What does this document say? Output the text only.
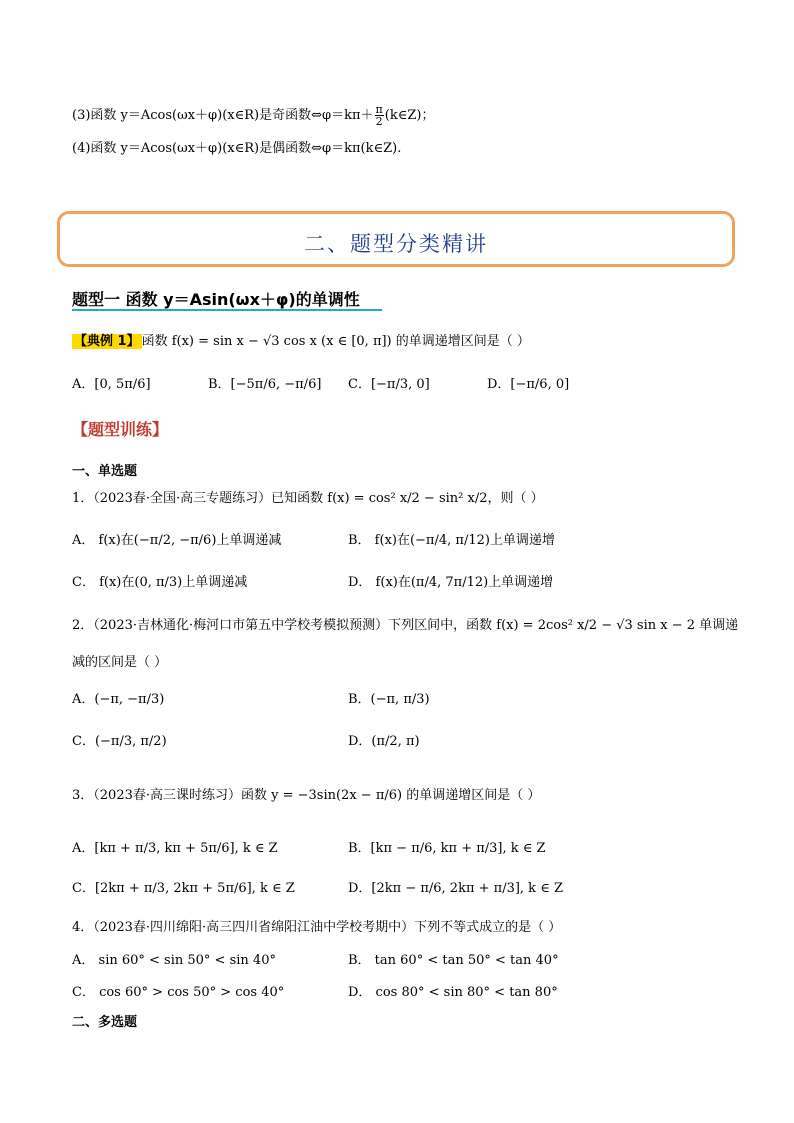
(3)函数 y＝Acos(ωx＋φ)(x∈R)是奇函数⇔φ＝kπ＋ $\frac{\pi}{2}$ (k∈Z)；
(4)函数 y＝Acos(ωx＋φ)(x∈R)是偶函数⇔φ＝kπ(k∈Z).
二、题型分类精讲
题型一 函数 y＝Asin(ωx＋φ)的单调性
【典例 1】 函数 f(x) = sin x − √3 cos x (x ∈ [0, π]) 的单调递增区间是（ ）
A．[0, 5π/6]	B．[−5π/6, −π/6] C．[−π/3, 0]	D．[−π/6, 0]
【题型训练】
一、单选题
1．（2023春·全国·高三专题练习）已知函数 f(x) = cos² x/2 − sin² x/2，则（ ）
A． f(x)在(−π/2, −π/6)上单调递减	B． f(x)在(−π/4, π/12)上单调递增
C． f(x)在(0, π/3)上单调递减	D． f(x)在(π/4, 7π/12)上单调递增
2．（2023·吉林通化·梅河口市第五中学校考模拟预测）下列区间中，函数 f(x) = 2cos² x/2 − √3 sin x − 2 单调递
减的区间是（ ）
A．(−π, −π/3)	B．(−π, π/3)
C．(−π/3, π/2)	D．(π/2, π)
3．（2023春·高三课时练习）函数 y = −3sin(2x − π/6) 的单调递增区间是（ ）
A．[kπ + π/3, kπ + 5π/6], k ∈ Z	B．[kπ − π/6, kπ + π/3], k ∈ Z
C．[2kπ + π/3, 2kπ + 5π/6], k ∈ Z	D．[2kπ − π/6, 2kπ + π/3], k ∈ Z
4．（2023春·四川绵阳·高三四川省绵阳江油中学校考期中）下列不等式成立的是（ ）
A． sin 60° < sin 50° < sin 40°	B． tan 60° < tan 50° < tan 40°
C． cos 60° > cos 50° > cos 40°	D． cos 80° < sin 80° < tan 80°
二、多选题
